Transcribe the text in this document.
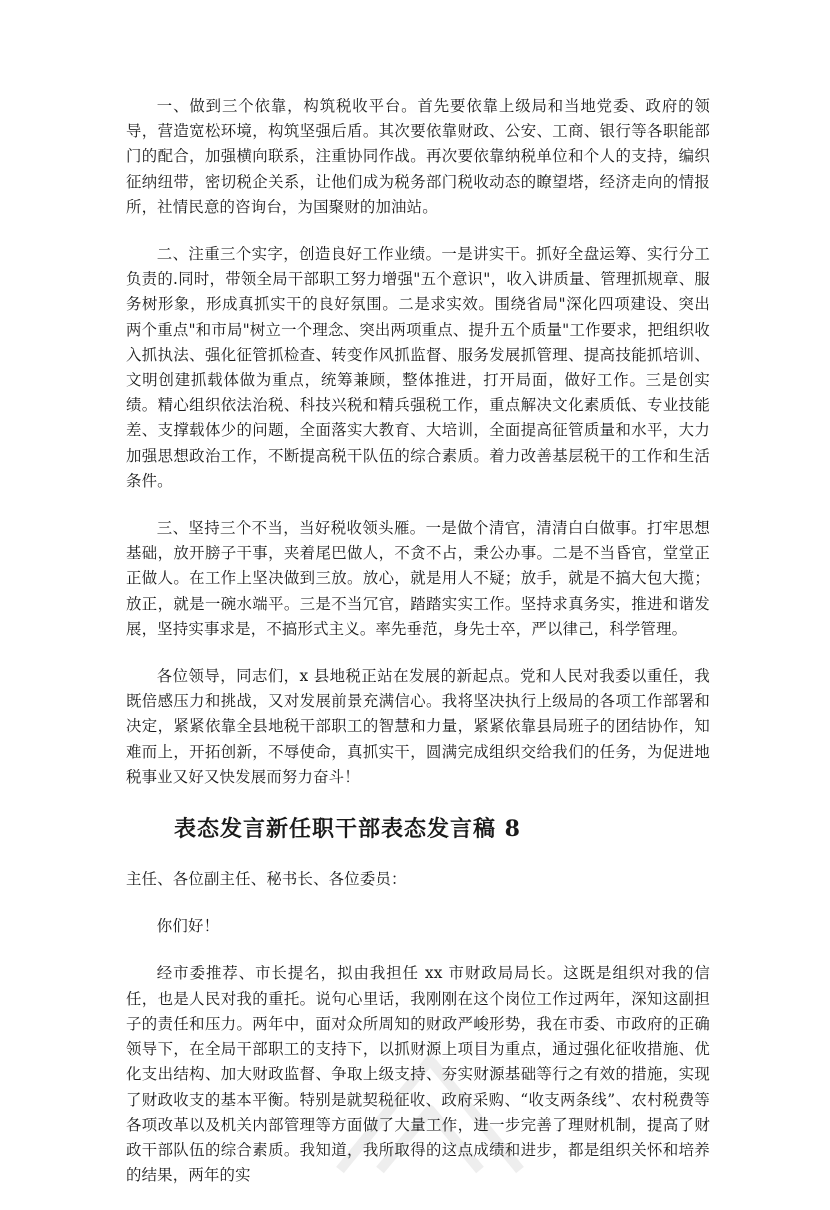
一、做到三个依靠，构筑税收平台。首先要依靠上级局和当地党委、政府的领导，营造宽松环境，构筑坚强后盾。其次要依靠财政、公安、工商、银行等各职能部门的配合，加强横向联系，注重协同作战。再次要依靠纳税单位和个人的支持，编织征纳纽带，密切税企关系，让他们成为税务部门税收动态的瞭望塔，经济走向的情报所，社情民意的咨询台，为国聚财的加油站。

二、注重三个实字，创造良好工作业绩。一是讲实干。抓好全盘运筹、实行分工负责的.同时，带领全局干部职工努力增强"五个意识"，收入讲质量、管理抓规章、服务树形象，形成真抓实干的良好氛围。二是求实效。围绕省局"深化四项建设、突出两个重点"和市局"树立一个理念、突出两项重点、提升五个质量"工作要求，把组织收入抓执法、强化征管抓检查、转变作风抓监督、服务发展抓管理、提高技能抓培训、文明创建抓载体做为重点，统筹兼顾，整体推进，打开局面，做好工作。三是创实绩。精心组织依法治税、科技兴税和精兵强税工作，重点解决文化素质低、专业技能差、支撑载体少的问题，全面落实大教育、大培训，全面提高征管质量和水平，大力加强思想政治工作，不断提高税干队伍的综合素质。着力改善基层税干的工作和生活条件。

三、坚持三个不当，当好税收领头雁。一是做个清官，清清白白做事。打牢思想基础，放开膀子干事，夹着尾巴做人，不贪不占，秉公办事。二是不当昏官，堂堂正正做人。在工作上坚决做到三放。放心，就是用人不疑；放手，就是不搞大包大揽；放正，就是一碗水端平。三是不当冗官，踏踏实实工作。坚持求真务实，推进和谐发展，坚持实事求是，不搞形式主义。率先垂范，身先士卒，严以律己，科学管理。

各位领导，同志们，x 县地税正站在发展的新起点。党和人民对我委以重任，我既倍感压力和挑战，又对发展前景充满信心。我将坚决执行上级局的各项工作部署和决定，紧紧依靠全县地税干部职工的智慧和力量，紧紧依靠县局班子的团结协作，知难而上，开拓创新，不辱使命，真抓实干，圆满完成组织交给我们的任务，为促进地税事业又好又快发展而努力奋斗！

表态发言新任职干部表态发言稿 8

主任、各位副主任、秘书长、各位委员：

你们好！

经市委推荐、市长提名，拟由我担任 xx 市财政局局长。这既是组织对我的信任，也是人民对我的重托。说句心里话，我刚刚在这个岗位工作过两年，深知这副担子的责任和压力。两年中，面对众所周知的财政严峻形势，我在市委、市政府的正确领导下，在全局干部职工的支持下，以抓财源上项目为重点，通过强化征收措施、优化支出结构、加大财政监督、争取上级支持、夯实财源基础等行之有效的措施，实现了财政收支的基本平衡。特别是就契税征收、政府采购、“收支两条线”、农村税费等各项改革以及机关内部管理等方面做了大量工作，进一步完善了理财机制，提高了财政干部队伍的综合素质。我知道，我所取得的这点成绩和进步，都是组织关怀和培养的结果，两年的实
